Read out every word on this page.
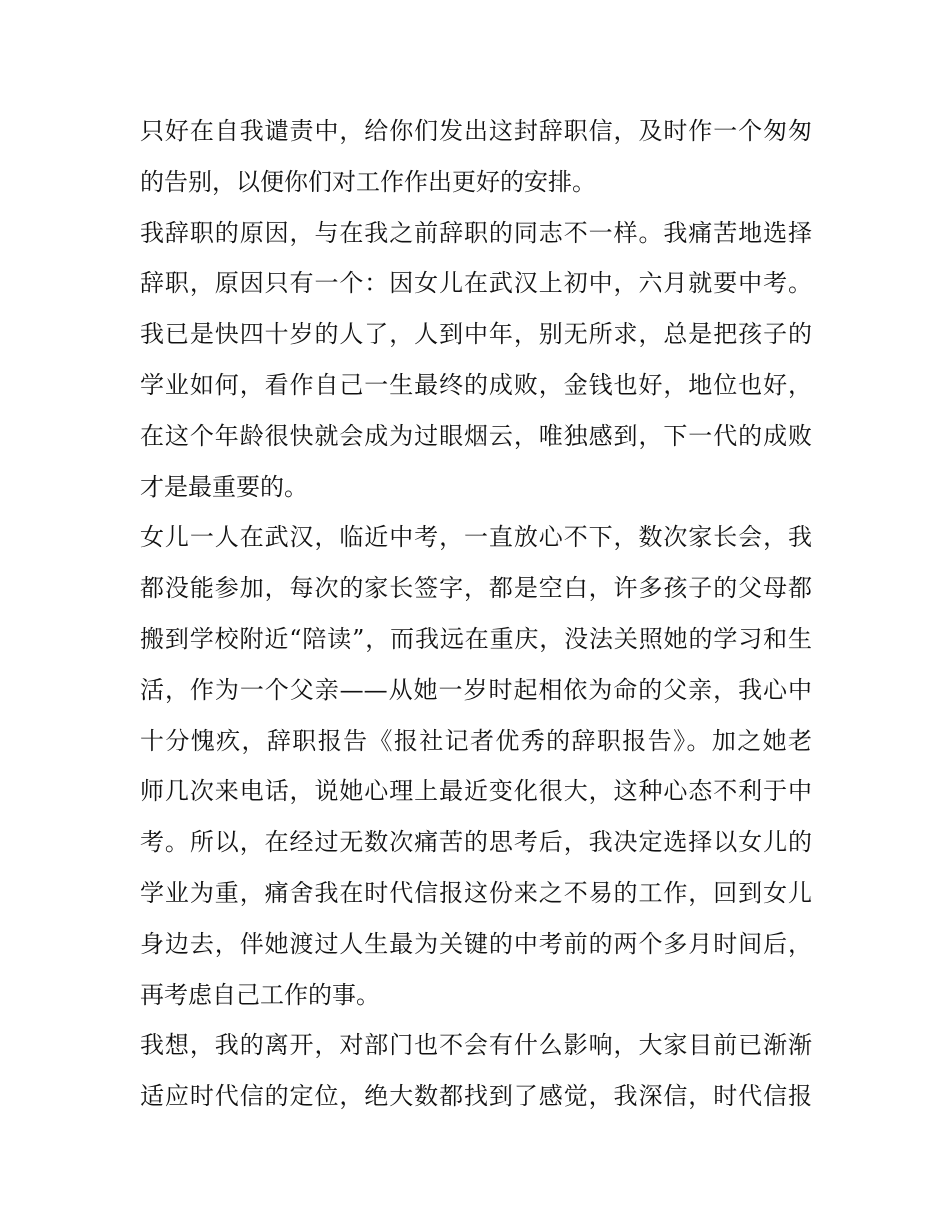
只好在自我谴责中，给你们发出这封辞职信，及时作一个匆匆
的告别，以便你们对工作作出更好的安排。
我辞职的原因，与在我之前辞职的同志不一样。我痛苦地选择
辞职，原因只有一个：因女儿在武汉上初中，六月就要中考。
我已是快四十岁的人了，人到中年，别无所求，总是把孩子的
学业如何，看作自己一生最终的成败，金钱也好，地位也好，
在这个年龄很快就会成为过眼烟云，唯独感到，下一代的成败
才是最重要的。
女儿一人在武汉，临近中考，一直放心不下，数次家长会，我
都没能参加，每次的家长签字，都是空白，许多孩子的父母都
搬到学校附近“陪读”，而我远在重庆，没法关照她的学习和生
活，作为一个父亲——从她一岁时起相依为命的父亲，我心中
十分愧疚，辞职报告《报社记者优秀的辞职报告》。加之她老
师几次来电话，说她心理上最近变化很大，这种心态不利于中
考。所以，在经过无数次痛苦的思考后，我决定选择以女儿的
学业为重，痛舍我在时代信报这份来之不易的工作，回到女儿
身边去，伴她渡过人生最为关键的中考前的两个多月时间后，
再考虑自己工作的事。
我想，我的离开，对部门也不会有什么影响，大家目前已渐渐
适应时代信的定位，绝大数都找到了感觉，我深信，时代信报
